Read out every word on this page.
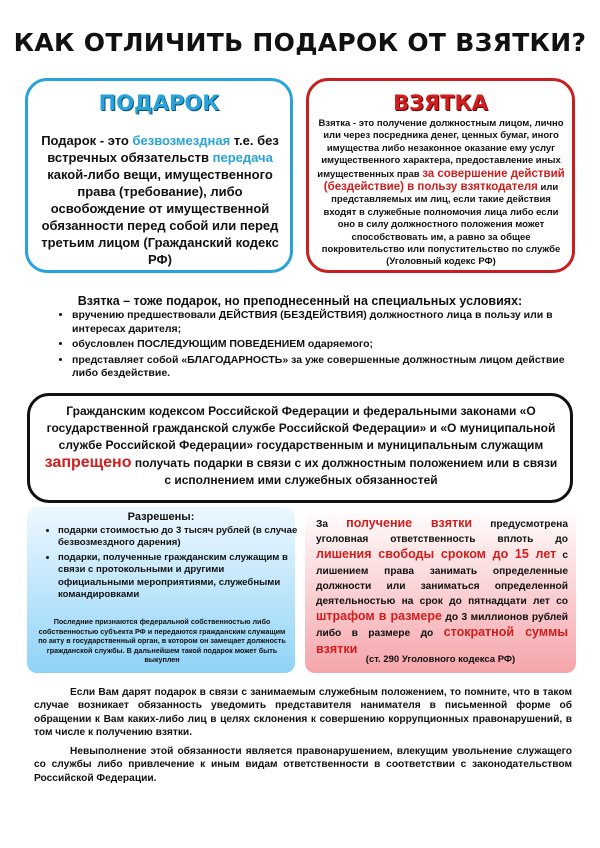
КАК ОТЛИЧИТЬ ПОДАРОК ОТ ВЗЯТКИ?
ПОДАРОК
Подарок - это безвозмездная т.е. без встречных обязательств передача какой-либо вещи, имущественного права (требование), либо освобождение от имущественной обязанности перед собой или перед третьим лицом (Гражданский кодекс РФ)
ВЗЯТКА
Взятка - это получение должностным лицом, лично или через посредника денег, ценных бумаг, иного имущества либо незаконное оказание ему услуг имущественного характера, предоставление иных имущественных прав за совершение действий (бездействие) в пользу взяткодателя или представляемых им лиц, если такие действия входят в служебные полномочия лица либо если оно в силу должностного положения может способствовать им, а равно за общее покровительство или попустительство по службе (Уголовный кодекс РФ)
Взятка – тоже подарок, но преподнесенный на специальных условиях:
• вручению предшествовали ДЕЙСТВИЯ (БЕЗДЕЙСТВИЯ) должностного лица в пользу или в интересах дарителя;
• обусловлен ПОСЛЕДУЮЩИМ ПОВЕДЕНИЕМ одаряемого;
• представляет собой «БЛАГОДАРНОСТЬ» за уже совершенные должностным лицом действие либо бездействие.
Гражданским кодексом Российской Федерации и федеральными законами «О государственной гражданской службе Российской Федерации» и «О муниципальной службе Российской Федерации» государственным и муниципальным служащим запрещено получать подарки в связи с их должностным положением или в связи с исполнением ими служебных обязанностей
Разрешены:
• подарки стоимостью до 3 тысяч рублей (в случае безвозмездного дарения)
• подарки, полученные гражданским служащим в связи с протокольными и другими официальными мероприятиями, служебными командировками
Последние признаются федеральной собственностью либо собственностью субъекта РФ и передаются гражданским служащим по акту в государственный орган, в котором он замещает должность гражданской службы. В дальнейшем такой подарок может быть выкуплен
За получение взятки предусмотрена уголовная ответственность вплоть до лишения свободы сроком до 15 лет с лишением права занимать определенные должности или заниматься определенной деятельностью на срок до пятнадцати лет со штрафом в размере до 3 миллионов рублей либо в размере до стократной суммы взятки
(ст. 290 Уголовного кодекса РФ)

Если Вам дарят подарок в связи с занимаемым служебным положением, то помните, что в таком случае возникает обязанность уведомить представителя нанимателя в письменной форме об обращении к Вам каких-либо лиц в целях склонения к совершению коррупционных правонарушений, в том числе к получению взятки.

Невыполнение этой обязанности является правонарушением, влекущим увольнение служащего со службы либо привлечение к иным видам ответственности в соответствии с законодательством Российской Федерации.
